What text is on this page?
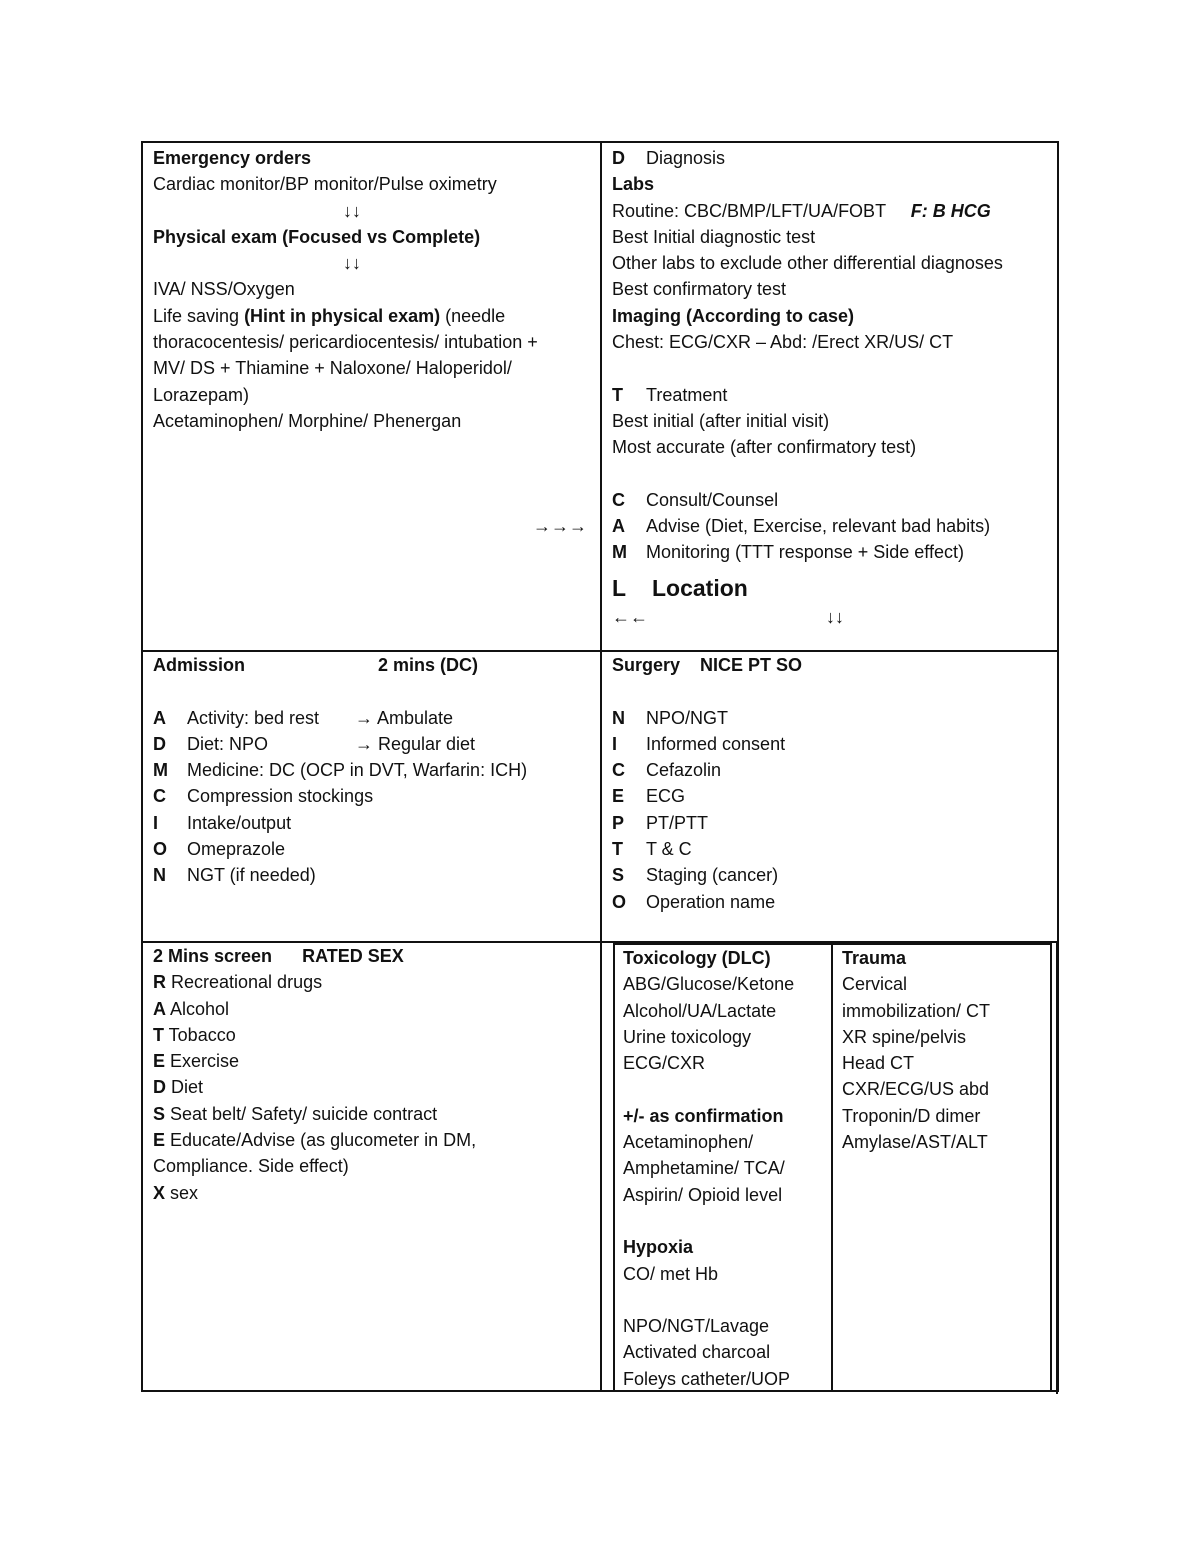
Emergency orders
Cardiac monitor/BP monitor/Pulse oximetry
↓↓
Physical exam (Focused vs Complete)
↓↓
IVA/ NSS/Oxygen
Life saving (Hint in physical exam) (needle
thoracocentesis/ pericardiocentesis/ intubation +
MV/ DS + Thiamine + Naloxone/ Haloperidol/
Lorazepam)
Acetaminophen/ Morphine/ Phenergan
→→→
D Diagnosis
Labs
Routine: CBC/BMP/LFT/UA/FOBT F: B HCG
Best Initial diagnostic test
Other labs to exclude other differential diagnoses
Best confirmatory test
Imaging (According to case)
Chest: ECG/CXR – Abd: /Erect XR/US/ CT
T Treatment
Best initial (after initial visit)
Most accurate (after confirmatory test)
C Consult/Counsel
A Advise (Diet, Exercise, relevant bad habits)
M Monitoring (TTT response + Side effect)
L Location
←←	↓↓
Admission	2 mins (DC)
A Activity: bed rest → Ambulate
D Diet: NPO	→ Regular diet
M Medicine: DC (OCP in DVT, Warfarin: ICH)
C Compression stockings
I Intake/output
O Omeprazole
N NGT (if needed)
Surgery NICE PT SO
N NPO/NGT
I Informed consent
C Cefazolin
E ECG
P PT/PTT
T T & C
S Staging (cancer)
O Operation name
2 Mins screen RATED SEX
R Recreational drugs
A Alcohol
T Tobacco
E Exercise
D Diet
S Seat belt/ Safety/ suicide contract
E Educate/Advise (as glucometer in DM,
Compliance. Side effect)
X sex
Toxicology (DLC)
ABG/Glucose/Ketone
Alcohol/UA/Lactate
Urine toxicology
ECG/CXR
+/- as confirmation
Acetaminophen/
Amphetamine/ TCA/
Aspirin/ Opioid level
Hypoxia
CO/ met Hb
NPO/NGT/Lavage
Activated charcoal
Foleys catheter/UOP
Trauma
Cervical
immobilization/ CT
XR spine/pelvis
Head CT
CXR/ECG/US abd
Troponin/D dimer
Amylase/AST/ALT
